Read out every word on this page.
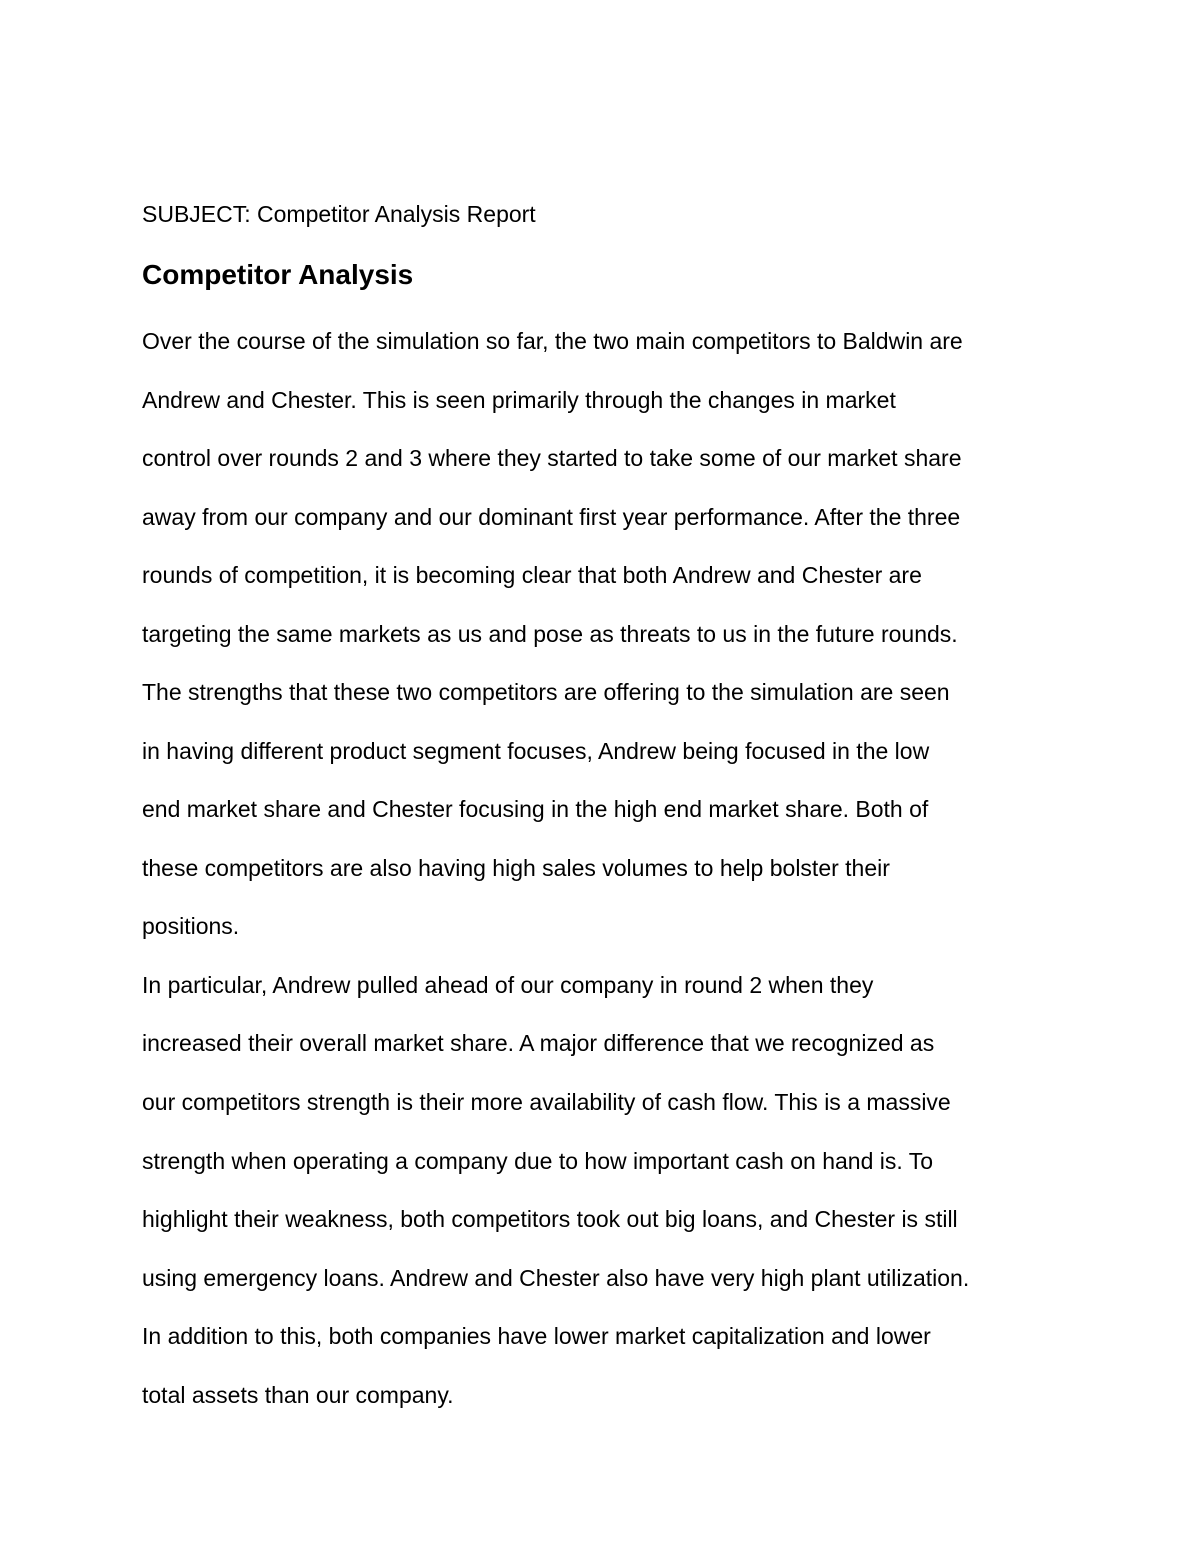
SUBJECT: Competitor Analysis Report
Competitor Analysis
Over the course of the simulation so far, the two main competitors to Baldwin are
Andrew and Chester. This is seen primarily through the changes in market
control over rounds 2 and 3 where they started to take some of our market share
away from our company and our dominant first year performance. After the three
rounds of competition, it is becoming clear that both Andrew and Chester are
targeting the same markets as us and pose as threats to us in the future rounds.
The strengths that these two competitors are offering to the simulation are seen
in having different product segment focuses, Andrew being focused in the low
end market share and Chester focusing in the high end market share. Both of
these competitors are also having high sales volumes to help bolster their
positions.
In particular, Andrew pulled ahead of our company in round 2 when they
increased their overall market share. A major difference that we recognized as
our competitors strength is their more availability of cash flow. This is a massive
strength when operating a company due to how important cash on hand is. To
highlight their weakness, both competitors took out big loans, and Chester is still
using emergency loans. Andrew and Chester also have very high plant utilization.
In addition to this, both companies have lower market capitalization and lower
total assets than our company.
